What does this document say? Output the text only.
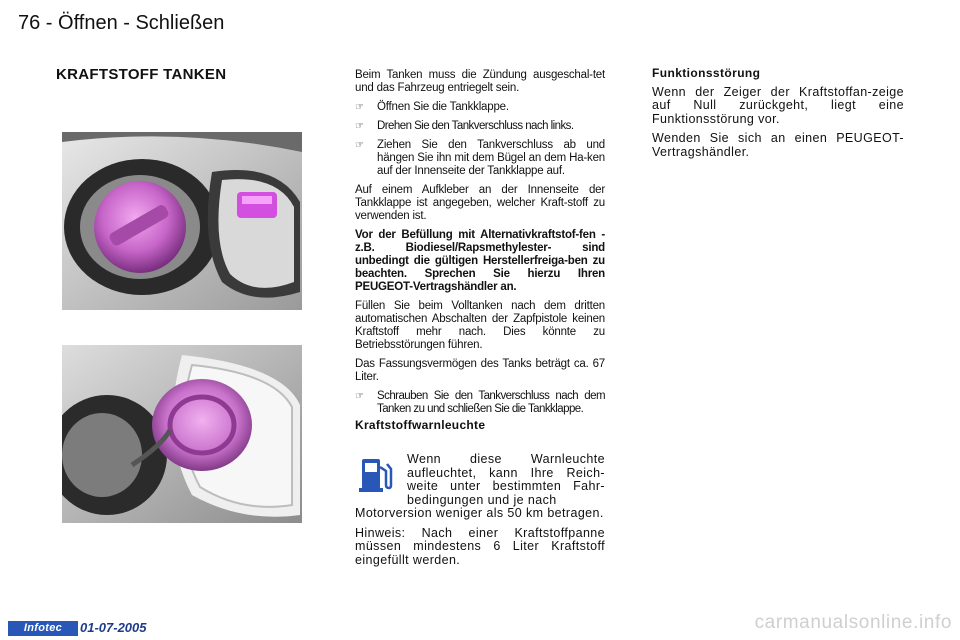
76 - Öffnen - Schließen
KRAFTSTOFF TANKEN	Beim Tanken muss die Zündung ausgeschal-tet und das Fahrzeug entriegelt sein.

☞	Öffnen Sie die Tankklappe.
☞	Drehen Sie den Tankverschluss nach links.
☞	Ziehen Sie den Tankverschluss ab und hängen Sie ihn mit dem Bügel an dem Ha-ken auf der Innenseite der Tankklappe auf.

Auf einem Aufkleber an der Innenseite der Tankklappe ist angegeben, welcher Kraft-stoff zu verwenden ist.

Vor der Befüllung mit Alternativkraftstof-fen -z.B. Biodiesel/Rapsmethylester- sind unbedingt die gültigen Herstellerfreiga-ben zu beachten. Sprechen Sie hierzu Ihren PEUGEOT-Vertragshändler an.

Füllen Sie beim Volltanken nach dem dritten automatischen Abschalten der Zapfpistole keinen Kraftstoff mehr nach. Dies könnte zu Betriebsstörungen führen.

Das Fassungsvermögen des Tanks beträgt ca. 67 Liter.

☞	Schrauben Sie den Tankverschluss nach dem Tanken zu und schließen Sie die Tankklappe.
Kraftstoffwarnleuchte

Wenn diese Warnleuchte aufleuchtet, kann Ihre Reich-weite unter bestimmten Fahr-bedingungen und je nach

Motorversion weniger als 50 km betragen.

Hinweis: Nach einer Kraftstoffpanne müssen mindestens 6 Liter Kraftstoff eingefüllt werden.

Funktionsstörung

Wenn der Zeiger der Kraftstoffan-zeige auf Null zurückgeht, liegt eine Funktionsstörung vor.

Wenden Sie sich an einen PEUGEOT-Vertragshändler.

Infotec	01-07-2005	carmanualsonline.info
